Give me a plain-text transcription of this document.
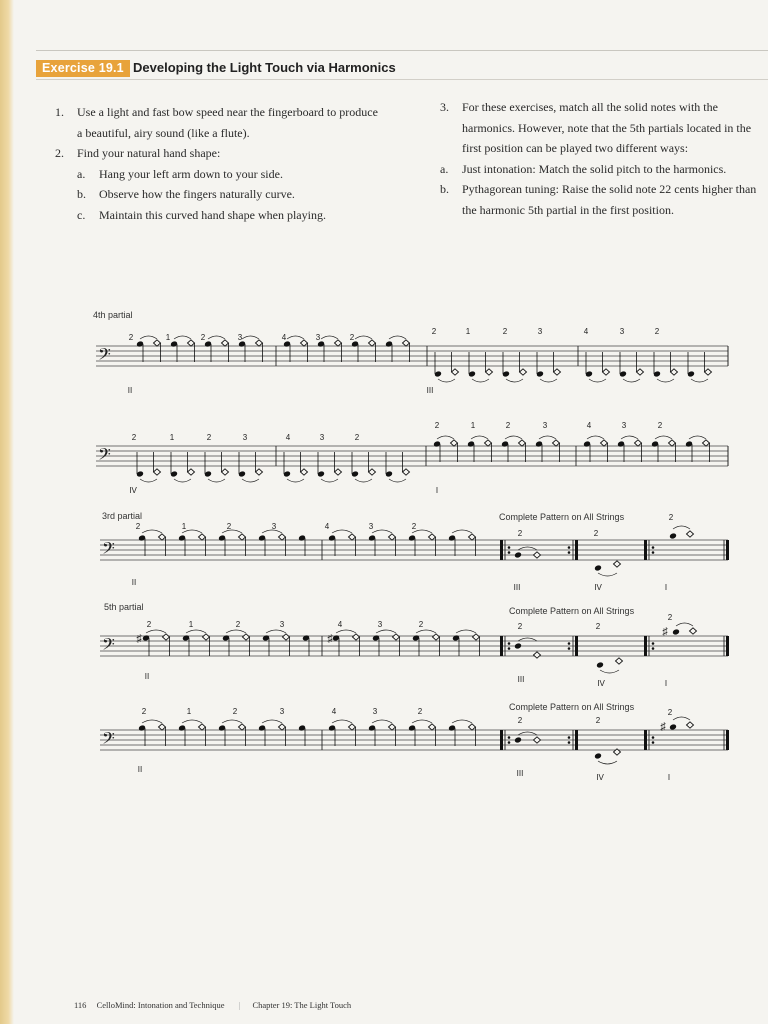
Exercise 19.1 Developing the Light Touch via Harmonics
1. Use a light and fast bow speed near the fingerboard to produce a beautiful, airy sound (like a flute).
2. Find your natural hand shape:
a. Hang your left arm down to your side.
b. Observe how the fingers naturally curve.
c. Maintain this curved hand shape when playing.
3. For these exercises, match all the solid notes with the harmonics. However, note that the 5th partials located in the first position can be played two different ways:
a. Just intonation: Match the solid pitch to the harmonics.
b. Pythagorean tuning: Raise the solid note 22 cents higher than the harmonic 5th partial in the first position.
4th partial
3rd partial
5th partial
Complete Pattern on All Strings
Complete Pattern on All Strings
Complete Pattern on All Strings
𝄢
2	1	2	3	4	3	2
2	1	2	3	4	3	2
II	III
𝄢
2	1	2	3	4	3	2
2	1	2	3	4	3	2
IV	I
𝄢
2	1	2	3	4	3	2
2	2
2
II
III	IV	I
𝄢 ♯	♯
♯
2	1	2	3	4	3	2	2	2
2
II	III	IV	I
𝄢
♯
2	1	2	3	4	3	2
2	2
2
II	III	IV	I
116 CelloMind: Intonation and Technique | Chapter 19: The Light Touch
